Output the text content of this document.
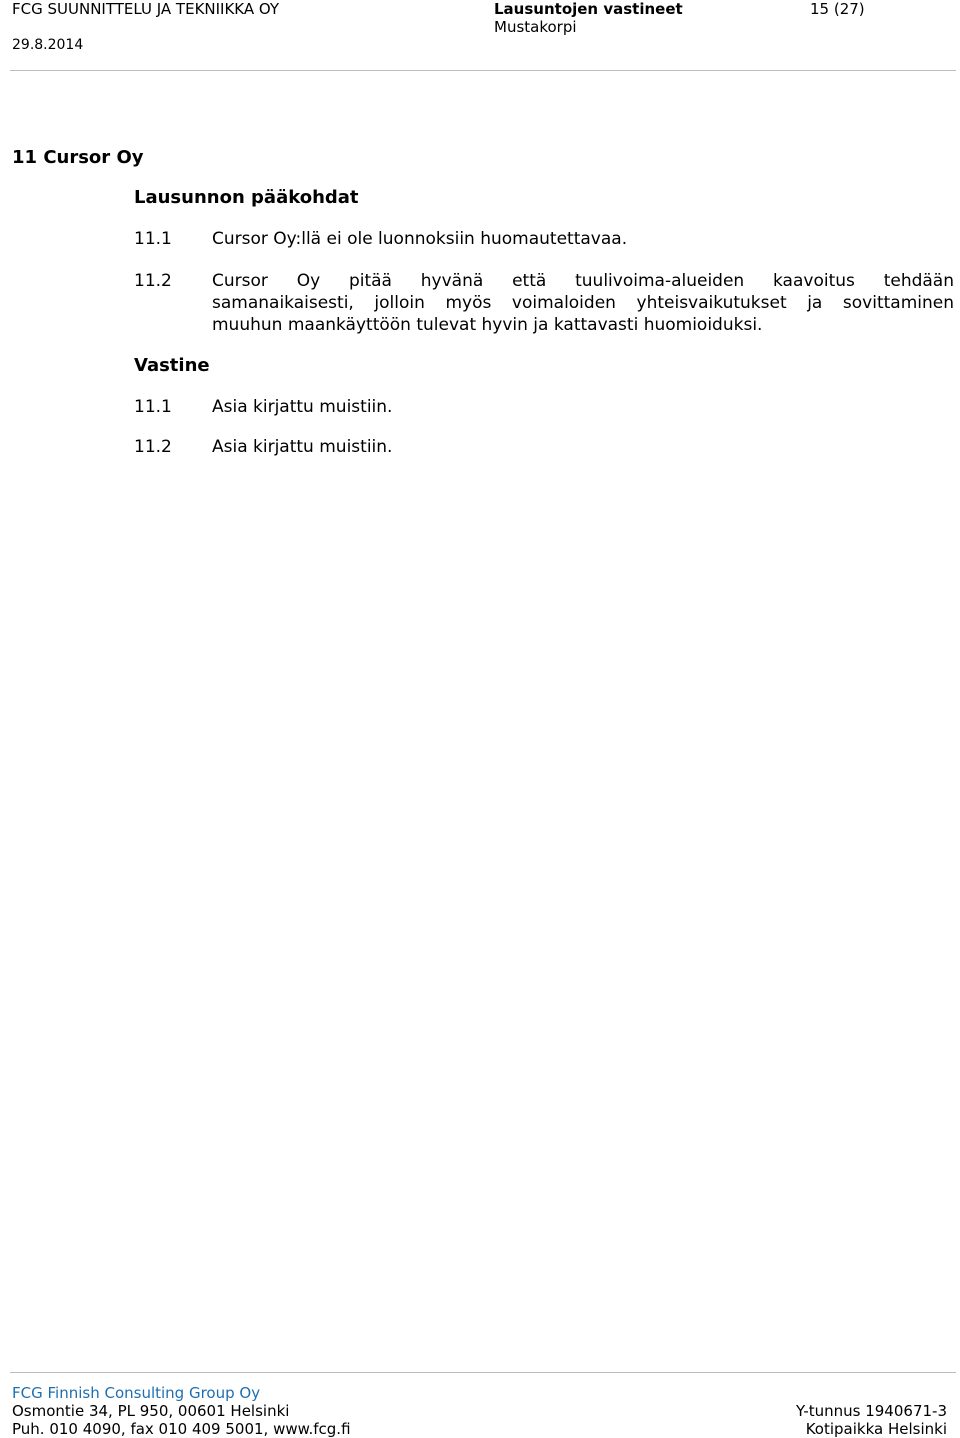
FCG SUUNNITTELU JA TEKNIIKKA OY
29.8.2014
Lausuntojen vastineet
Mustakorpi
15 (27)
11 Cursor Oy
Lausunnon pääkohdat
11.1 Cursor Oy:llä ei ole luonnoksiin huomautettavaa.
11.2 Cursor Oy pitää hyvänä että tuulivoima-alueiden kaavoitus tehdään
samanaikaisesti, jolloin myös voimaloiden yhteisvaikutukset ja sovittaminen
muuhun maankäyttöön tulevat hyvin ja kattavasti huomioiduksi.
Vastine
11.1 Asia kirjattu muistiin.
11.2 Asia kirjattu muistiin.
FCG Finnish Consulting Group Oy
Osmontie 34, PL 950, 00601 Helsinki
Puh. 010 4090, fax 010 409 5001, www.fcg.fi
Y-tunnus 1940671-3
Kotipaikka Helsinki
